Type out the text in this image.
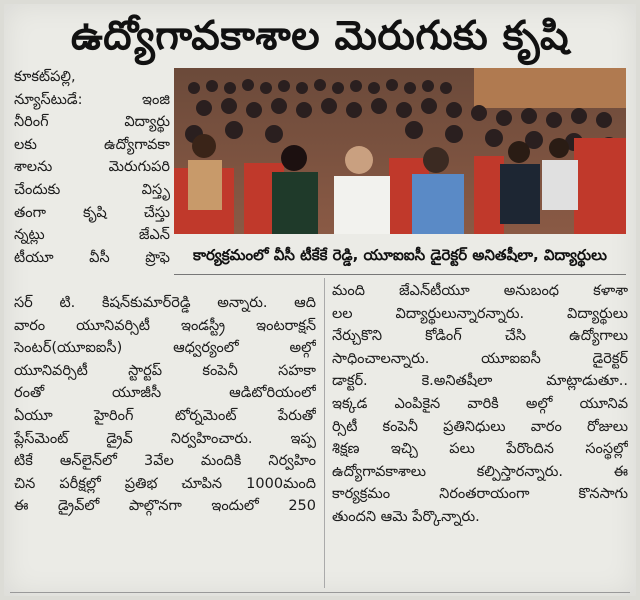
ఉద్యోగావకాశాల మెరుగుకు కృషి
కార్యక్రమంలో వీసీ టీకేకే రెడ్డి, యూఐఐసీ డైరెక్టర్ అనితషీలా, విద్యార్థులు
కూకట్‌పల్లి,
న్యూస్‌టుడే: ఇంజి
నీరింగ్ విద్యార్థు
లకు ఉద్యోగావకా
శాలను మెరుగుపరి
చేందుకు విస్తృ
తంగా కృషి చేస్తు
న్నట్లు జేఎన్
టీయూ వీసీ ప్రొఫె
సర్ టి. కిషన్‌కుమార్‌రెడ్డి అన్నారు. ఆది
వారం యూనివర్సిటీ ఇండస్ట్రీ ఇంటరాక్షన్
సెంటర్(యూఐఐసీ) ఆధ్వర్యంలో అల్గో
యూనివర్సిటీ స్టార్టప్ కంపెనీ సహకా
రంతో యూజీసీ ఆడిటోరియంలో
ఏయూ హైరింగ్ టోర్నమెంట్ పేరుతో
ప్లేస్‌మెంట్ డ్రైవ్ నిర్వహించారు. ఇప్ప
టికే ఆన్‌లైన్‌లో 3వేల మందికి నిర్వహిం
చిన పరీక్షల్లో ప్రతిభ చూపిన 1000మంది
ఈ డ్రైవ్‌లో పాల్గొనగా ఇందులో 250
మంది జేఎన్‌టీయూ అనుబంధ కళాశా
లల విద్యార్థులున్నారన్నారు. విద్యార్థులు
నేర్చుకొని కోడింగ్ చేసి ఉద్యోగాలు
సాధించాలన్నారు. యూఐఐసీ డైరెక్టర్
డాక్టర్. కె.అనితషీలా మాట్లాడుతూ..
ఇక్కడ ఎంపికైన వారికి అల్గో యూనివ
ర్సిటీ కంపెనీ ప్రతినిధులు వారం రోజులు
శిక్షణ ఇచ్చి పలు పేరొందిన సంస్థల్లో
ఉద్యోగావకాశాలు కల్పిస్తారన్నారు. ఈ
కార్యక్రమం నిరంతరాయంగా కొనసాగు
తుందని ఆమె పేర్కొన్నారు.
